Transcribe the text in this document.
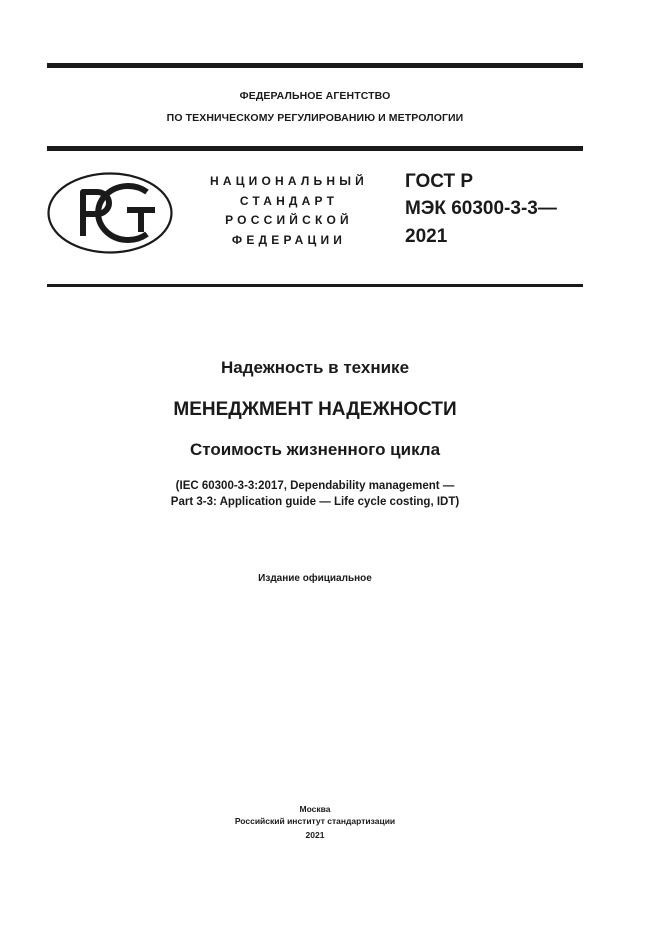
ФЕДЕРАЛЬНОЕ АГЕНТСТВО
ПО ТЕХНИЧЕСКОМУ РЕГУЛИРОВАНИЮ И МЕТРОЛОГИИ
НАЦИОНАЛЬНЫЙ
СТАНДАРТ
РОССИЙСКОЙ
ФЕДЕРАЦИИ
ГОСТ Р
МЭК 60300-3-3—
2021
Надежность в технике
МЕНЕДЖМЕНТ НАДЕЖНОСТИ
Стоимость жизненного цикла
(IEC 60300-3-3:2017, Dependability management —
Part 3-3: Application guide — Life cycle costing, IDT)
Издание официальное
Москва
Российский институт стандартизации
2021
